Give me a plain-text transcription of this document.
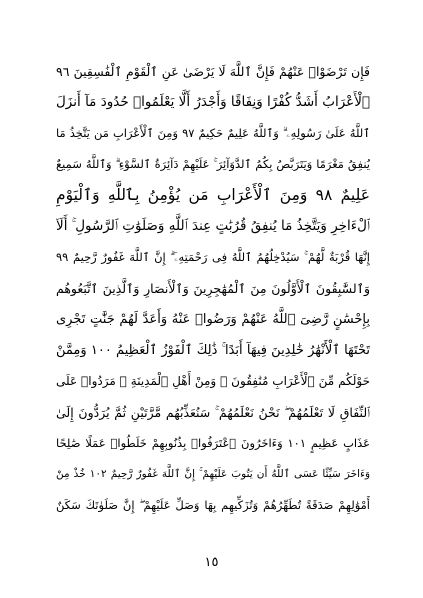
فَإِن تَرْضَوْا۟ عَنْهُمْ فَإِنَّ ٱللَّهَ لَا يَرْضَىٰ عَنِ ٱلْقَوْمِ ٱلْفَٰسِقِينَ ٩٦
ٱلْأَعْرَابُ أَشَدُّ كُفْرًا وَنِفَاقًا وَأَجْدَرُ أَلَّا يَعْلَمُوا۟ حُدُودَ مَآ أَنزَلَ
ٱللَّهُ عَلَىٰ رَسُولِهِۦ ۗ وَٱللَّهُ عَلِيمٌ حَكِيمٌ ٩٧ وَمِنَ ٱلْأَعْرَابِ مَن يَتَّخِذُ مَا
يُنفِقُ مَغْرَمًا وَيَتَرَبَّصُ بِكُمُ ٱلدَّوَآئِرَ ۚ عَلَيْهِمْ دَآئِرَةُ ٱلسَّوْءِ ۗ وَٱللَّهُ سَمِيعٌ
عَلِيمٌ ٩٨ وَمِنَ ٱلْأَعْرَابِ مَن يُؤْمِنُ بِٱللَّهِ وَٱلْيَوْمِ
ٱلْءَاخِرِ وَيَتَّخِذُ مَا يُنفِقُ قُرُبَٰتٍ عِندَ ٱللَّهِ وَصَلَوَٰتِ ٱلرَّسُولِ ۚ أَلَآ
إِنَّهَا قُرْبَةٌ لَّهُمْ ۚ سَيُدْخِلُهُمُ ٱللَّهُ فِى رَحْمَتِهِۦٓ ۗ إِنَّ ٱللَّهَ غَفُورٌ رَّحِيمٌ ٩٩
وَٱلسَّٰبِقُونَ ٱلْأَوَّلُونَ مِنَ ٱلْمُهَٰجِرِينَ وَٱلْأَنصَارِ وَٱلَّذِينَ ٱتَّبَعُوهُم
بِإِحْسَٰنٍ رَّضِىَ ٱللَّهُ عَنْهُمْ وَرَضُوا۟ عَنْهُ وَأَعَدَّ لَهُمْ جَنَّٰتٍ تَجْرِى
تَحْتَهَا ٱلْأَنْهَٰرُ خَٰلِدِينَ فِيهَآ أَبَدًا ۚ ذَٰلِكَ ٱلْفَوْزُ ٱلْعَظِيمُ ١٠٠ وَمِمَّنْ
حَوْلَكُم مِّنَ ٱلْأَعْرَابِ مُنَٰفِقُونَ ۖ وَمِنْ أَهْلِ ٱلْمَدِينَةِ ۖ مَرَدُوا۟ عَلَى
ٱلنِّفَاقِ لَا تَعْلَمُهُمْ ۖ نَحْنُ نَعْلَمُهُمْ ۚ سَنُعَذِّبُهُم مَّرَّتَيْنِ ثُمَّ يُرَدُّونَ إِلَىٰ
عَذَابٍ عَظِيمٍ ١٠١ وَءَاخَرُونَ ٱعْتَرَفُوا۟ بِذُنُوبِهِمْ خَلَطُوا۟ عَمَلًا صَٰلِحًا
وَءَاخَرَ سَيِّئًا عَسَى ٱللَّهُ أَن يَتُوبَ عَلَيْهِمْ ۚ إِنَّ ٱللَّهَ غَفُورٌ رَّحِيمٌ ١٠٢ خُذْ مِنْ
أَمْوَٰلِهِمْ صَدَقَةً تُطَهِّرُهُمْ وَتُزَكِّيهِم بِهَا وَصَلِّ عَلَيْهِمْ ۖ إِنَّ صَلَوٰتَكَ سَكَنٌ
١٥
